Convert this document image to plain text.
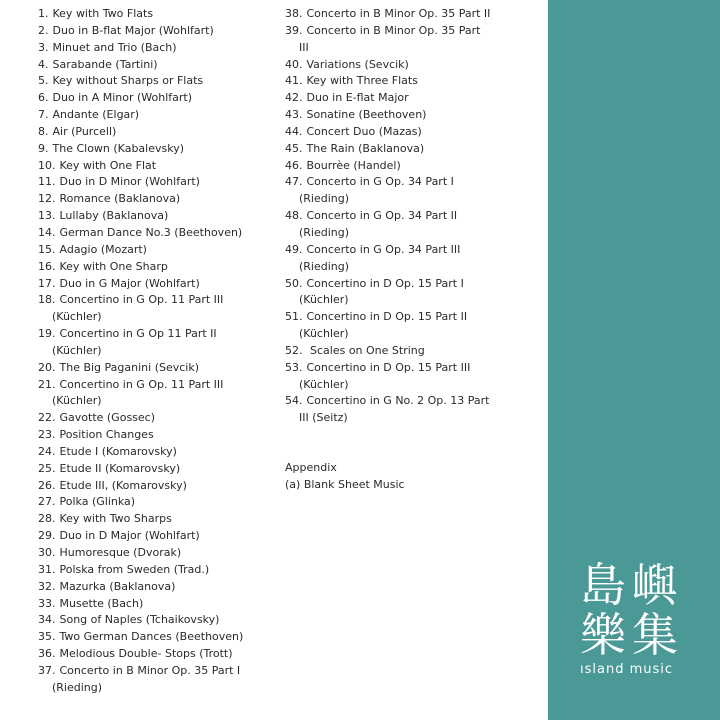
1. Key with Two Flats
2. Duo in B-flat Major (Wohlfart)
3. Minuet and Trio (Bach)
4. Sarabande (Tartini)
5. Key without Sharps or Flats
6. Duo in A Minor (Wohlfart)
7. Andante (Elgar)
8. Air (Purcell)
9. The Clown (Kabalevsky)
10. Key with One Flat
11. Duo in D Minor (Wohlfart)
12. Romance (Baklanova)
13. Lullaby (Baklanova)
14. German Dance No.3 (Beethoven)
15. Adagio (Mozart)
16. Key with One Sharp
17. Duo in G Major (Wohlfart)
18. Concertino in G Op. 11 Part III
(Küchler)
19. Concertino in G Op 11 Part II
(Küchler)
20. The Big Paganini (Sevcik)
21. Concertino in G Op. 11 Part III
(Küchler)
22. Gavotte (Gossec)
23. Position Changes
24. Etude I (Komarovsky)
25. Etude II (Komarovsky)
26. Etude III, (Komarovsky)
27. Polka (Glinka)
28. Key with Two Sharps
29. Duo in D Major (Wohlfart)
30. Humoresque (Dvorak)
31. Polska from Sweden (Trad.)
32. Mazurka (Baklanova)
33. Musette (Bach)
34. Song of Naples (Tchaikovsky)
35. Two German Dances (Beethoven)
36. Melodious Double- Stops (Trott)
37. Concerto in B Minor Op. 35 Part I
(Rieding)
38. Concerto in B Minor Op. 35 Part II
39. Concerto in B Minor Op. 35 Part
III
40. Variations (Sevcik)
41. Key with Three Flats
42. Duo in E-flat Major
43. Sonatine (Beethoven)
44. Concert Duo (Mazas)
45. The Rain (Baklanova)
46. Bourrèe (Handel)
47. Concerto in G Op. 34 Part I
(Rieding)
48. Concerto in G Op. 34 Part II
(Rieding)
49. Concerto in G Op. 34 Part III
(Rieding)
50. Concertino in D Op. 15 Part I
(Küchler)
51. Concertino in D Op. 15 Part II
(Küchler)
52. Scales on One String
53. Concertino in D Op. 15 Part III
(Küchler)
54. Concertino in G No. 2 Op. 13 Part
III (Seitz)
Appendix
(a) Blank Sheet Music
島嶼
樂集
ısland music
